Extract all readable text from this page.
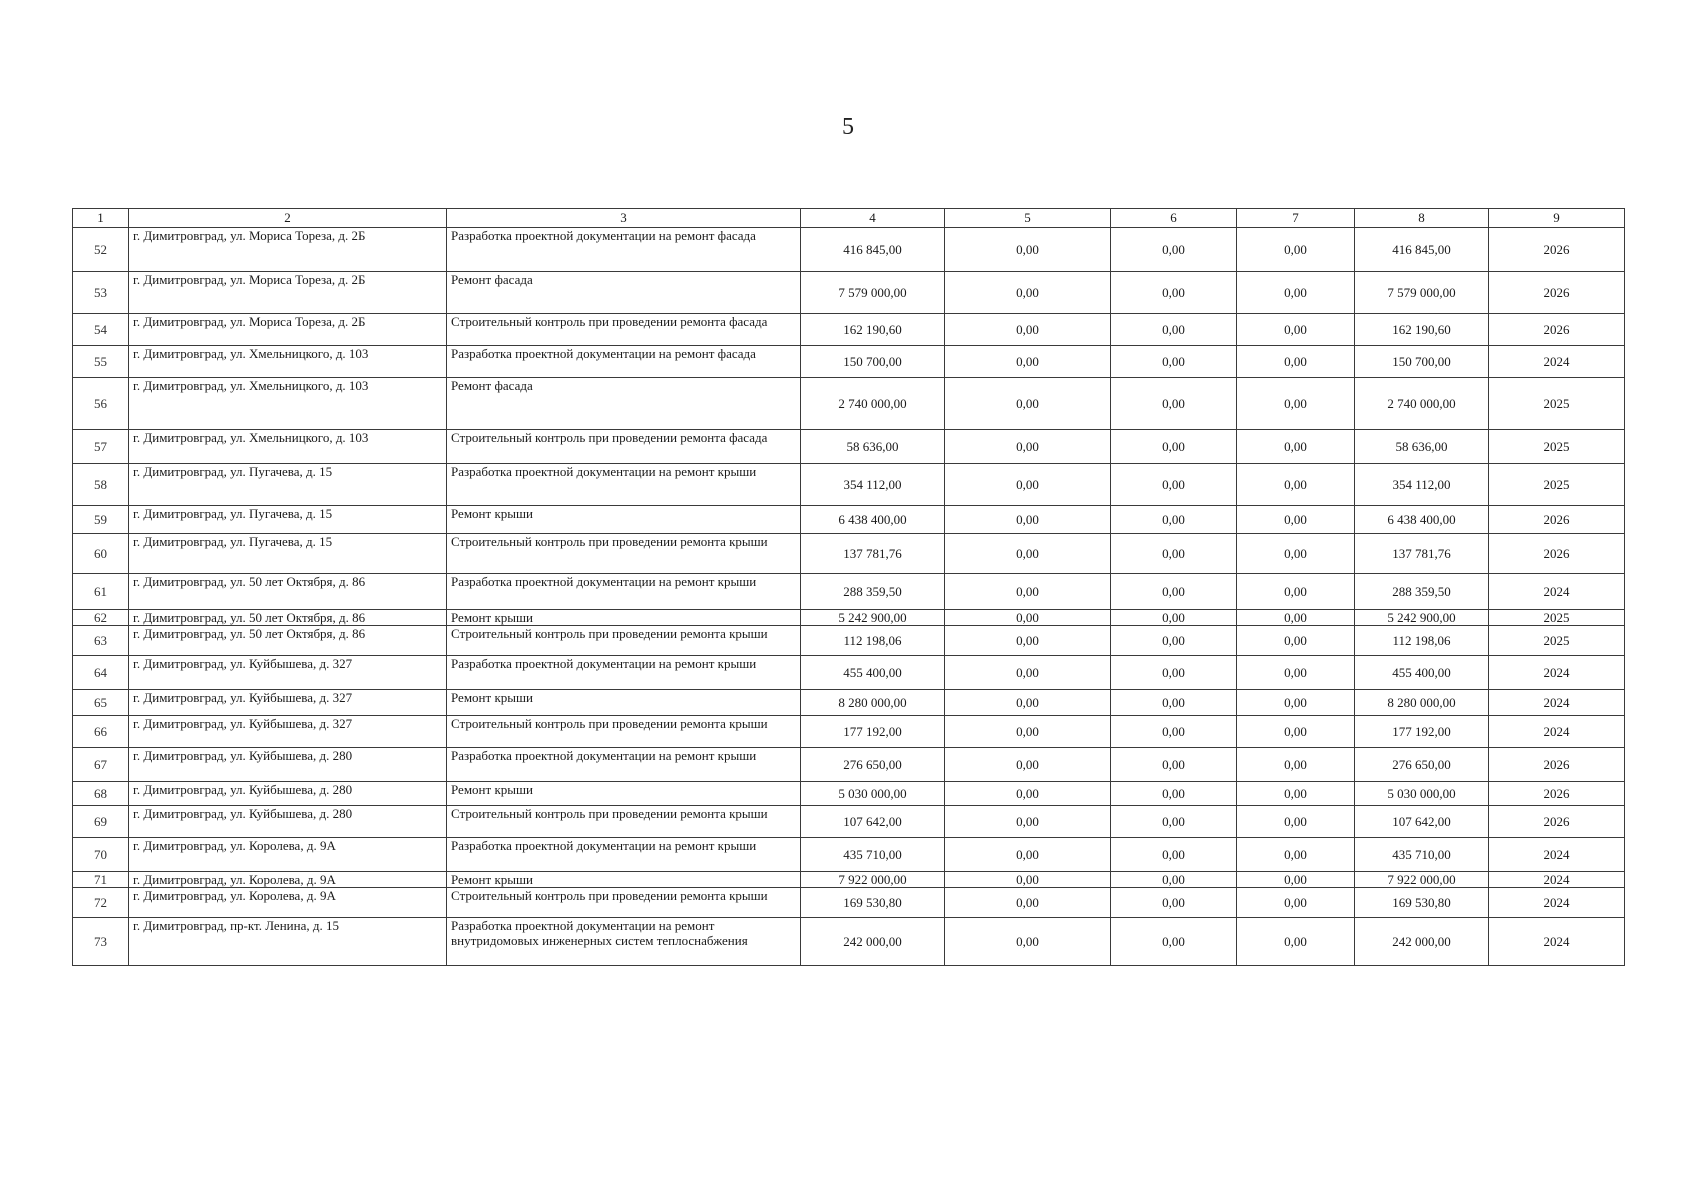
5
1	2	3	4	5	6	7	8	9
52	г. Димитровград, ул. Мориса Тореза, д. 2Б	Разработка проектной документации на ремонт фасада	416 845,00	0,00	0,00	0,00	416 845,00	2026
53	г. Димитровград, ул. Мориса Тореза, д. 2Б	Ремонт фасада	7 579 000,00	0,00	0,00	0,00	7 579 000,00	2026
54	г. Димитровград, ул. Мориса Тореза, д. 2Б	Строительный контроль при проведении ремонта фасада	162 190,60	0,00	0,00	0,00	162 190,60	2026
55	г. Димитровград, ул. Хмельницкого, д. 103	Разработка проектной документации на ремонт фасада	150 700,00	0,00	0,00	0,00	150 700,00	2024
56	г. Димитровград, ул. Хмельницкого, д. 103	Ремонт фасада	2 740 000,00	0,00	0,00	0,00	2 740 000,00	2025
57	г. Димитровград, ул. Хмельницкого, д. 103	Строительный контроль при проведении ремонта фасада	58 636,00	0,00	0,00	0,00	58 636,00	2025
58	г. Димитровград, ул. Пугачева, д. 15	Разработка проектной документации на ремонт крыши	354 112,00	0,00	0,00	0,00	354 112,00	2025
59	г. Димитровград, ул. Пугачева, д. 15	Ремонт крыши	6 438 400,00	0,00	0,00	0,00	6 438 400,00	2026
60	г. Димитровград, ул. Пугачева, д. 15	Строительный контроль при проведении ремонта крыши	137 781,76	0,00	0,00	0,00	137 781,76	2026
61	г. Димитровград, ул. 50 лет Октября, д. 86	Разработка проектной документации на ремонт крыши	288 359,50	0,00	0,00	0,00	288 359,50	2024
62	г. Димитровград, ул. 50 лет Октября, д. 86	Ремонт крыши	5 242 900,00	0,00	0,00	0,00	5 242 900,00	2025
63	г. Димитровград, ул. 50 лет Октября, д. 86	Строительный контроль при проведении ремонта крыши	112 198,06	0,00	0,00	0,00	112 198,06	2025
64	г. Димитровград, ул. Куйбышева, д. 327	Разработка проектной документации на ремонт крыши	455 400,00	0,00	0,00	0,00	455 400,00	2024
65	г. Димитровград, ул. Куйбышева, д. 327	Ремонт крыши	8 280 000,00	0,00	0,00	0,00	8 280 000,00	2024
66	г. Димитровград, ул. Куйбышева, д. 327	Строительный контроль при проведении ремонта крыши	177 192,00	0,00	0,00	0,00	177 192,00	2024
67	г. Димитровград, ул. Куйбышева, д. 280	Разработка проектной документации на ремонт крыши	276 650,00	0,00	0,00	0,00	276 650,00	2026
68	г. Димитровград, ул. Куйбышева, д. 280	Ремонт крыши	5 030 000,00	0,00	0,00	0,00	5 030 000,00	2026
69	г. Димитровград, ул. Куйбышева, д. 280	Строительный контроль при проведении ремонта крыши	107 642,00	0,00	0,00	0,00	107 642,00	2026
70	г. Димитровград, ул. Королева, д. 9А	Разработка проектной документации на ремонт крыши	435 710,00	0,00	0,00	0,00	435 710,00	2024
71	г. Димитровград, ул. Королева, д. 9А	Ремонт крыши	7 922 000,00	0,00	0,00	0,00	7 922 000,00	2024
72	г. Димитровград, ул. Королева, д. 9А	Строительный контроль при проведении ремонта крыши	169 530,80	0,00	0,00	0,00	169 530,80	2024
73	г. Димитровград, пр-кт. Ленина, д. 15	Разработка проектной документации на ремонт внутридомовых инженерных систем теплоснабжения	242 000,00	0,00	0,00	0,00	242 000,00	2024
